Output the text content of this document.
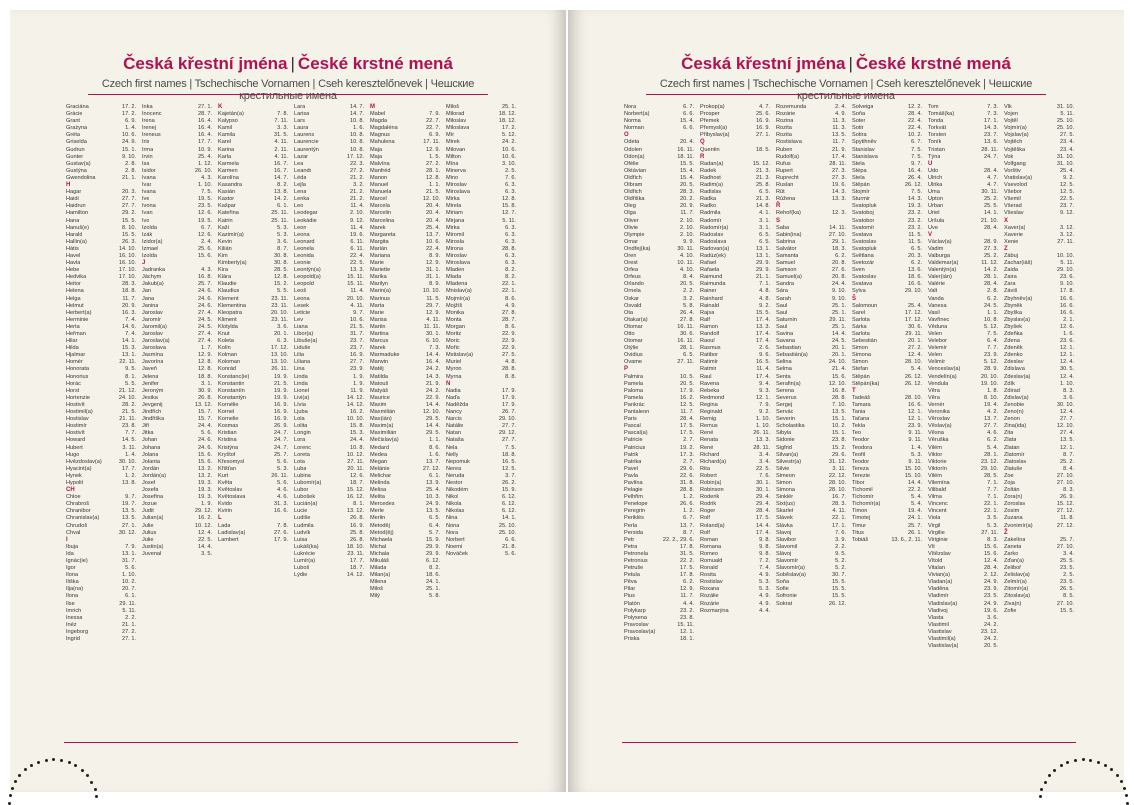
Česká křestní jména | České krstné mená
Czech first names | Tschechische Vornamen | Cseh keresztelőnevek | Чешские крестильные имена
Graciána	17. 2.
Grácie	17. 2.
Grant	6. 9.
Grażyna	1. 4.
Gréta	10. 6.
Griselda	24. 9.
Gudrun	15. 1.
Gunter	9. 10.
Gustav(a)	2. 8.
Gustýna	2. 8.
Gwendolina	21. 1.
H
Hagar	20. 3.
Haidi	27. 7.
Haidrun	27. 7.
Hamilton	29. 2.
Hana	15. 5.
Hanuš(e)	8. 10.
Harald	15. 5.
Hallin(a)	26. 3.
Hátis	14. 10.
Havel	16. 10.
Havla	16. 10.
Hebe	17. 10.
Hedvika	17. 10.
Heitor	28. 3.
Helena	18. 8.
Helga	11. 7.
Helmut	20. 9.
Herbert(a)	16. 3.
Herminie	7. 4.
Herta	14. 6.
Heřman	7. 4.
Hilar	14. 1.
Hilda	15. 3.
Hjalmar	13. 1.
Homér	22. 11.
Honorata	9. 5.
Honorius	8. 1.
Horác	5. 5.
Horst	21. 12.
Hortenzie	24. 10.
Hostivít	28. 2.
Hostimil(a)	21. 5.
Hostislav	21. 11.
Hostimír	23. 8.
Hostivít	7. 7.
Howard	14. 5.
Hubert	3. 11.
Hugo	1. 4.
Hvězdoslav(a)	30. 10.
Hyacint(a)	17. 7.
Hynek	1. 2.
Hypolit	13. 8.
CH
Chloe	9. 7.
Chrabroš	19. 7.
Chranibor	13. 5.
Chranislav(a)	13. 5.
Chrudoš	27. 1.
Chval	30. 12.
I
Ibuja	7. 9.
Ida	13. 1.
Ignác(ie)	31. 7.
Igor	5. 6.
Ilona	1. 10.
Iliška	10. 2.
Ilja(na)	20. 7.
Ilona	6. 1.
Ilse	29. 11.
Imrich	5. 11.
Inessa	2. 2.
Inéz	21. 1.
Ingeborg	27. 2.
Ingrid	27. 1.
Inka	27. 1.
Inocenc	28. 7.
Irena	16. 4.
Irenej	16. 4.
Ireneus	16. 4.
Iris	17. 7.
Irma	10. 9.
Irvin	25. 4.
Isa	1. 12.
Isidor	26. 10.
Ivana	4. 3.
Ivar	1. 10.
Ivana	7. 5.
Ive	19. 5.
Ivona	23. 5.
Ivan	12. 6.
Ivo	19. 5.
Izolda	6. 7.
Izák	12. 6.
Izidor(a)	2. 4.
Izmael	25. 6.
Izolda	15. 6.
J
Jadranka	4. 3.
Jáchym	16. 8.
Jakub(a)	25. 7.
Jan	24. 6.
Jana	24. 6.
Janina	24. 6.
Jaroslav	27. 4.
Jaromír	24. 5.
Jaromil(a)	24. 5.
Jaroslav	27. 4.
Jaroslav(a)	27. 4.
Jaroslava	1. 7.
Jasmína	12. 9.
Javorína	12. 8.
Javeň	12. 8.
Jelena	18. 8.
Jenifer	3. 1.
Jeroným	30. 9.
Jesika	26. 8.
Jevgenij	13. 12.
Jindřich	15. 7.
Jindřiška	15. 7.
Jiří	24. 4.
Jitka	5. 6.
Johan	24. 6.
Johana	24. 6.
Jolana	15. 6.
Jolanta	15. 6.
Jordán	13. 2.
Jordán(a)	13. 2.
Josef	19. 3.
Josefa	19. 3.
Josefína	19. 3.
Jozue	1. 9.
Judit	29. 12.
Julian(a)	16. 2.
Julie	10. 12.
Julius	12. 4.
Julie	22. 5.
Justin(a)	14. 4.
Juvenal	3. 5.
K
Kajetán(a)	7. 8.
Kalypso	7. 11.
Kamil	3. 3.
Kamila	31. 5.
Karel	4. 11.
Karina	2. 11.
Karla	4. 11.
Karmela	16. 7.
Karmen	16. 7.
Karolína	14. 7.
Kasandra	8. 2.
Kasián	13. 8.
Kastor	14. 2.
Kašpar	6. 1.
Kateřina	25. 11.
Katrin	25. 11.
Kaži	5. 3.
Kazimír(a)	5. 3.
Kevin	3. 6.
Kilián	8. 7.
Kim	30. 8.
Kimberly(a)	30. 8.
Kira	28. 5.
Klára	12. 8.
Klaudie	15. 2.
Klaudius	5. 5.
Klement	23. 11.
Klementina	23. 11.
Kleopatra	20. 10.
Kliment	23. 11.
Klotylda	3. 6.
Knut	20. 1.
Koleta	6. 3.
Kolín	17. 12.
Kolman	13. 10.
Koloman	13. 10.
Konrád	26. 11.
Konstanc(ie)	19. 9.
Konstantin	21. 5.
Konstantín	19. 9.
Konstantýn	19. 9.
Kornélie	16. 9.
Kornel	16. 9.
Kornelie	16. 9.
Kosmas	26. 9.
Kristian	24. 7.
Kristina	24. 7.
Kristýna	24. 7.
Kryštof	25. 7.
Křesomysl	5. 6.
Křišťan	5. 3.
Kurt	26. 11.
Květa	5. 6.
Květoslav	4. 6.
Květoslava	4. 6.
Kvido	31. 3.
Kvirin	16. 6.
L
Lada	7. 8.
Ladislav(a)	27. 6.
Lambert	17. 9.
Lara	14. 7.
Larisa	14. 7.
Lars	10. 8.
Laura	1. 6.
Laurens	10. 8.
Laurencie	10. 8.
Laurentýn	10. 8.
Lazar	17. 12.
Lea	22. 3.
Leandr	27. 2.
Léda	21. 2.
Lejla	3. 2.
Lena	21. 2.
Lenka	21. 2.
Leo	11. 4.
Leodegar	2. 10.
Leokádie	9. 12.
Leon	11. 4.
Leona	19. 6.
Leonard	6. 11.
Leonela	6. 11.
Leonida	22. 4.
Leonie	22. 5.
Leontýn(a)	13. 3.
Leopold(a)	15. 11.
Leopold	15. 11.
Leoš	11. 4.
Leona	20. 10.
Lesek	4. 11.
Leticie	9. 7.
Lev	10. 6.
Liana	21. 5.
Libor(a)	31. 7.
Libuše(a)	23. 7.
Liduše	23. 7.
Lilia	16. 9.
Liliana	27. 7.
Lina	23. 9.
Linda	1. 9.
Linda	1. 9.
Lionel	11. 9.
Livi(a)	14. 12.
Lívia	14. 12.
Ljuba	16. 2.
Lola	10. 10.
Lolita	15. 8.
Longin	15. 3.
Lora	24. 4.
Lorenc	10. 8.
Loreta	10. 12.
Lota	27. 11.
Luba	20. 11.
Lubina	12. 6.
Lubomír(a)	18. 7.
Lubor	15. 12.
Lubošek	16. 12.
Lucián(a)	8. 1.
Lucie	13. 12.
Ludiše	26. 8.
Ludmila	16. 9.
Ludvík	25. 8.
Luisa	26. 8.
Lukáš(ka)	18. 10.
Lukrécie	23. 11.
Lumír(a)	17. 7.
Luboš	18. 7.
Lýdie	14. 12.
M
Mabel	7. 9.
Magda	22. 7.
Magdaléna	22. 7.
Magnus	6. 9.
Mahulena	17. 11.
Maja	12. 9.
Maja	1. 5.
Malvína	27. 2.
Manfréd	28. 1.
Manon	12. 8.
Manuel	1. 1.
Manuela	21. 5.
Marcel	12. 10.
Marcela	20. 4.
Marcelin	20. 4.
Marcelina	20. 4.
Marek	25. 4.
Margareta	13. 7.
Margita	10. 6.
Marián	22. 4.
Mariana	8. 9.
Marie	12. 9.
Mariette	31. 1.
Marika	31. 1.
Marilyn	8. 9.
Marin(a)	10. 10.
Marinus	11. 5.
Marta	29. 7.
Marie	12. 9.
Marisa	4. 11.
Martin	11. 11.
Martina	30. 1.
Marcus	6. 10.
Marek	7. 3.
Marmaduke	14. 4.
Marwin	16. 4.
Matěj	24. 2.
Matilda	14. 3.
Matouš	21. 9.
Matyáš	24. 2.
Maurice	22. 9.
Maxim	14. 4.
Maxmilián	12. 10.
Max(ián)	29. 5.
Maxim(a)	14. 4.
Maximilián	29. 5.
Mečislav(a)	1. 1.
Medard	8. 6.
Medea	1. 6.
Megan	13. 7.
Melánie	27. 12.
Melichar	6. 1.
Melinda	13. 9.
Melisa	25. 4.
Melita	10. 3.
Mercedes	24. 9.
Merle	13. 5.
Merlin	6. 5.
Metoděj	6. 4.
Metod(ěj)	5. 7.
Michaela	15. 9.
Michal	29. 9.
Michala	29. 9.
Mikuláš	6. 12.
Milada	8. 2.
Milan(a)	18. 6.
Milena	24. 1.
Miloš	25. 1.
Milý	5. 8.
Miloš	25. 1.
Milorad	18. 12.
Miloslav	18. 12.
Miloslava	17. 2.
Mír	5. 12.
Mirek	24. 2.
Milovan	10. 6.
Milton	10. 6.
Mína	3. 10.
Minerva	2. 5.
Mino	7. 6.
Miroslav	6. 3.
Miroslava	6. 3.
Mirka	12. 8.
Mirela	15. 8.
Miriam	12. 7.
Mirjana	5. 11.
Mirka	6. 3.
Miromil	6. 3.
Mirosla	6. 3.
Mirona	28. 8.
Miroslav	6. 3.
Miroslava	6. 3.
Mladen	8. 2.
Mlada	8. 2.
Mladena	22. 1.
Mnislav(a)	22. 1.
Mojmír(a)	8. 6.
Mojžíš	4. 9.
Monika	27. 8.
Monta	28. 7.
Morgan	8. 6.
Moritz	22. 9.
Moric	22. 9.
Mořic	22. 9.
Mstislav(a)	27. 5.
Muriel	4. 8.
Myron	28. 8.
Myrna	8. 8.
N
Nadia	17. 9.
Naďa	17. 9.
Naděžda	17. 9.
Nancy	26. 7.
Narcis	29. 10.
Natálie	27. 7.
Natan	29. 12.
Nataša	27. 7.
Nela	7. 5.
Nelly	18. 8.
Nepomuk	16. 5.
Nerea	12. 5.
Neruda	3. 7.
Nestor	26. 2.
Nikodém	15. 9.
Nikol	6. 12.
Nikola	6. 12.
Nikolas	6. 12.
Nina	14. 1.
Nona	25. 10.
Nora	25. 10.
Norbert	6. 6.
Noemi	21. 8.
Nováček	5. 6.
Česká křestní jména | České krstné mená
Czech first names | Tschechische Vornamen | Cseh keresztelőnevek | Чешские крестильные имена
Nora	6. 7.
Norbert(a)	6. 6.
Norma	15. 4.
Norman	6. 6.
O
Odeta	20. 4.
Odolen	16. 11.
Odon(a)	18. 11.
Ofélie	15. 5.
Oktávian	15. 4.
Oldřich	15. 4.
Olbram	20. 5.
Oldřich	28. 3.
Oldřiška	20. 2.
Oleg	20. 9.
Olga	11. 7.
Oliver	2. 10.
Olivie	2. 10.
Olympie	2. 10.
Omar	9. 9.
Ondřej(ka)	30. 11.
Oren	4. 10.
Orest	10. 11.
Orfea	4. 10.
Orfeus	8. 4.
Orlando	20. 5.
Ornela	2. 2.
Oskar	3. 2.
Osvald	5. 8.
Ota	26. 4.
Otakar(a)	27. 8.
Otomar	16. 11.
Otto	30. 6.
Otomar	16. 11.
Otýlie	28. 1.
Ovidius	6. 5.
Ovame	27. 11.
P
Palmira	10. 5.
Pamela	20. 5.
Paloma	17. 9.
Pamela	16. 2.
Pankrác	12. 5.
Pantaleon	11. 7.
Paris	28. 4.
Pascal	17. 5.
Pascal(a)	17. 5.
Patricie	2. 7.
Patricius	19. 2.
Patrik	17. 3.
Patrika	2. 7.
Pavel	29. 6.
Pavla	22. 6.
Pavlína	31. 8.
Pelagie	28. 8.
Pelhřim	1. 2.
Penelope	26. 6.
Peregrin	1. 2.
Periklés	6. 7.
Perla	13. 7.
Persida	8. 7.
Petr	22. 2., 29. 6.
Petra	17. 8.
Petronela	31. 5.
Petronius	22. 2.
Petruše	17. 5.
Petula	17. 8.
Pěva	6. 2.
Pilar	12. 9.
Pius	11. 7.
Platón	4. 4.
Polykarp	23. 2.
Polyxena	23. 8.
Pravoslav	15. 11.
Pravoslav(a)	12. 1.
Priska	18. 1.
Prokop(a)	4. 7.
Prosper	25. 6.
Přemek	16. 9.
Přemysl(a)	16. 9.
Přibyslav(a)	27. 1.
Q
Quentin	18. 5.
R
Radan(a)	15. 12.
Radek	21. 3.
Radhost	21. 3.
Radim(a)	25. 8.
Radislav	6. 5.
Radka	21. 3.
Radko	14. 8.
Radmila	4. 1.
Radomír	3. 1.
Radomír(a)	3. 1.
Radoslav	6. 5.
Radoslava	6. 5.
Radovan(a)	13. 1.
Radúz(ek)	13. 1.
Rafael	29. 9.
Rafaela	29. 9.
Raimund	21. 1.
Raimunda	7. 1.
Rainer	4. 8.
Rainhard	4. 8.
Rainald	9. 2.
Rajsa	15. 5.
Ralf	17. 4.
Ramon	13. 3.
Randolf	17. 4.
Raoul	17. 4.
Rasmus	2. 6.
Ratibor	9. 6.
Ratimír	16. 5.
Ratmir	11. 4.
Raul	17. 4.
Ravena	9. 4.
Rebeka	9. 3.
Redmond	12. 1.
Regina	7. 9.
Reginald	9. 2.
Remig	1. 10.
Remus	1. 10.
René	26. 11.
Renata	13. 3.
René	28. 11.
Richard	3. 4.
Richard(a)	3. 4.
Rita	22. 5.
Robert	7. 6.
Robin(a)	30. 1.
Robinson	30. 1.
Roderik	29. 4.
Rodrik	29. 4.
Roger	28. 4.
Rolf	17. 5.
Roland(a)	14. 4.
Rolf	17. 4.
Roman	9. 8.
Romana	9. 8.
Romeo	9. 8.
Romuald	7. 2.
Ronald	7. 4.
Rosita	4. 9.
Rostislav	5. 3.
Roxana	5. 3.
Rozálie	4. 9.
Rozárie	4. 9.
Rozmarýna	4. 4.
Rozemunda	2. 4.
Rozárie	4. 9.
Rozina	11. 3.
Rozita	11. 3.
Rozita	13. 5.
Rostislava	11. 7.
Ruben	21. 9.
Rudolf(a)	17. 4.
Rufus	28. 11.
Rupert	27. 3.
Ruprecht	27. 3.
Ruslan	19. 6.
Růt	14. 3.
Růžena	13. 3.
Ř
Řehoř(ka)	12. 3.
S
Saba	14. 11.
Sabin(ina)	27. 10.
Sabrina	29. 1.
Salvátor	18. 3.
Samanta	6. 2.
Samuel	20. 8.
Samson	27. 6.
Samuel(a)	20. 8.
Sandra	24. 4.
Sára	9. 10.
Sarah	9. 10.
Saul	25. 1.
Saul	25. 1.
Saturnin	29. 11.
Saul	25. 1.
Savina	14. 4.
Savana	24. 5.
Sebastian	20. 1.
Sebastián(a)	20. 1.
Selina	24. 10.
Selma	21. 4.
Senta	15. 6.
Serafin(a)	12. 10.
Serena	16. 8.
Severus	28. 8.
Sergej	7. 10.
Servác	13. 5.
Severin	15. 1.
Scholastika	10. 2.
Sibyla	15. 1.
Sidonie	23. 8.
Sigfrid	15. 2.
Silvan(a)	29. 6.
Silvestr(a)	31. 12.
Silvie	3. 11.
Simeon	22. 12.
Simon	28. 10.
Simona	28. 10.
Sinklér	16. 7.
Sixt(us)	28. 3.
Skarlet	4. 11.
Slávek	22. 1.
Slávka	17. 1.
Slavoj	7. 6.
Slavibor	3. 9.
Slavomil	2. 2.
Slávoj	9. 5.
Slavomír	5. 2.
Slavomír(a)	5. 2.
Soběslav(a)	30. 7.
Soňa	15. 5.
Sofie	15. 5.
Sofronie	15. 5.
Sokrat	26. 12.
Solveiga	12. 2.
Soňa	28. 4.
Soter	22. 4.
Sotir	22. 4.
Sotira	10. 2.
Spytihněv	6. 7.
Stanislav	7. 5.
Stanislava	7. 5.
Stela	9. 7.
Stépa	16. 4.
Stela	26. 4.
Štěpán	26. 12.
Stojmír	7. 5.
Sturmir	14. 3.
Svatopluk	19. 3.
Svatoboj	23. 2.
Svatobor	23. 2.
Svatomír	23. 2.
Svatava	11. 5.
Svatoslav	11. 5.
Svatopluk	6. 5.
Světlana	20. 3.
Svetozár	6. 2.
Sven	13. 6.
Svatoslav	18. 6.
Svatava	16. 6.
Sylva	29. 10.
Š
Šalomoun	25. 4.
Šarel	17. 12.
Šarlota	17. 12.
Šárka	30. 6.
Šarlota	29. 11.
Šebestián	20. 1.
Šimon	27. 2.
Šimona	12. 4.
Šimon	28. 10.
Štefan	5. 4.
Štěpán	26. 12.
Štěpán(ka)	26. 12.
T
Tadeáš	28. 10.
Tamara	16. 6.
Tania	12. 1.
Taťana	12. 1.
Tekla	23. 9.
Teo	9. 11.
Teodor	9. 11.
Teodora	1. 4.
Teofil	5. 3.
Teodor	9. 11.
Tereza	15. 10.
Terezie	15. 10.
Tibor	14. 4.
Tichomil	22. 2.
Tichomír	5. 4.
Tichomír(a)	5. 4.
Timon	19. 4.
Timotej	24. 1.
Timur	25. 7.
Titus	26. 1.
Tobiáš	13. 6., 2. 11.
Tom	7. 3.
Tomáš(ka)	7. 3.
Tonda	17. 1.
Torkvát	14. 3.
Torsten	23. 7.
Toník	13. 6.
Tristan	28. 11.
Týna	24. 7.
U
Udo	28. 4.
Ulrich	4. 7.
Ulrika	4. 7.
Uma	30. 11.
Upton	25. 2.
Urban	25. 5.
Uriel	14. 1.
Uršula	21. 10.
Uve	28. 4.
V
Václav(a)	28. 9.
Vadim	27. 3.
Valburga	25. 2.
Valdemar(a)	11. 12.
Valentýn(a)	14. 2.
Valer(ián)	28. 1.
Valérie	28. 4.
Valt	2. 8.
Vanda	6. 2.
Vanesa	24. 5.
Vasil	1. 1.
Vavřinec	10. 8.
Věduna	5. 12.
Velen	7. 5.
Velebor	6. 4.
Velemír	7. 7.
Velen	23. 9.
Velimír	5. 12.
Venceslav(a)	28. 9.
Vendelín(a)	20. 10.
Vendula	19. 10.
Věra	1. 8.
Věra	8. 10.
Vernér	19. 4.
Veronika	4. 2.
Věroslav	13. 7.
Věslav(a)	27. 7.
Věsna	4. 6.
Věruška	6. 2.
Vilém	5. 4.
Viktor	28. 1.
Viktorie	23. 12.
Viktorín	29. 10.
Vilém	28. 5.
Vilemína	7. 1.
Vilibald	7. 7.
Vilma	7. 1.
Vincenc	22. 1.
Vincent	22. 1.
Viola	3. 5.
Virgil	5. 3.
Virgilie	27. 11.
Viriginie	8. 3.
Vít	15. 6.
Vítězslav	15. 6.
Vítold	12. 4.
Vitalan	28. 4.
Vivian(a)	2. 12.
Vladan(a)	24. 9.
Vladěna	23. 9.
Vladimír	23. 5.
Vladislav(a)	24. 9.
Vladivoj	19. 6.
Vlasta	3. 6.
Vlastimil	24. 2.
Vlastislav	23. 12.
Vlastimil(a)	24. 2.
Vlastislav(a)	20. 5.
Vlk	31. 10.
Vojen	5. 11.
Vojtěl	25. 10.
Vojmír(a)	25. 10.
Vojslav(a)	27. 5.
Vojtěch	23. 4.
Vojtěška	23. 4.
Vok	31. 10.
Volfgang	31. 10.
Vorštiv	25. 4.
Vratislav(a)	9. 2.
Vsevolod	12. 5.
Všebor	12. 5.
Všemil	22. 5.
Všerad	23. 7.
Všeslav	9. 12.
X
Xaver(a)	3. 12.
Xaverie	3. 12.
Xenie	27. 11.
Z
Zábuj	10. 10.
Zachar(iáš)	5. 11.
Zaida	29. 10.
Zaira	23. 6.
Zara	9. 10.
Záviš	17. 8.
Zbyhněv(a)	16. 6.
Zbyněk	16. 6.
Zbyška	16. 6.
Zbyslav(a)	2. 1.
Zbyšek	12. 6.
Zdeňka	1. 6.
Zdena	23. 6.
Zdeněk	12. 1.
Zdenko	12. 1.
Zdeslav	12. 4.
Zdislava	30. 5.
Zdeslav(a)	12. 4.
Zdík	1. 10.
Zdirad	8. 3.
Zdislav(a)	3. 6.
Zenobie	30. 10.
Zeno(n)	12. 4.
Zenon	27. 7.
Zina(ida)	12. 10.
Zita	27. 4.
Zlata	13. 5.
Zlatan	12. 1.
Zlatomír	8. 7.
Zlatoslav	25. 2.
Zlatuše	8. 4.
Zoe	27. 10.
Zoja	27. 10.
Zoltán	8. 3.
Zora(n)	26. 9.
Zoroslav	15. 12.
Zosim	27. 12.
Zuzana	11. 8.
Zvonimír(a)	27. 12.
Ž
Žakelína	25. 7.
Žaneta	27. 10.
Žarko	3. 4.
Žďan(a)	25. 5.
Želiboř	23. 5.
Želislav(a)	2. 5.
Želmír(a)	23. 5.
Žitomír(a)	26. 5.
Žitoslav(a)	8. 5.
Živa(n)	27. 10.
Žofie	15. 5.
